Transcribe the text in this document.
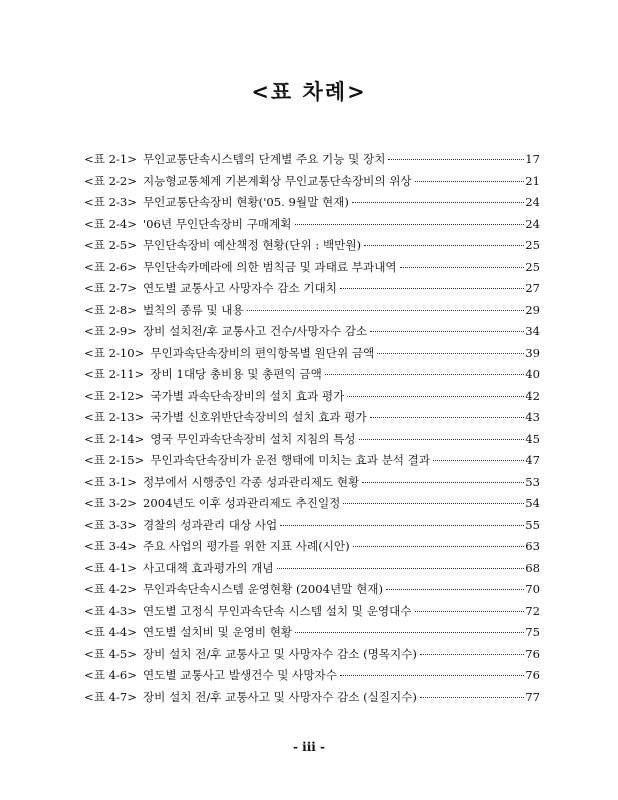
<표 차례>
<표 2-1> 무인교통단속시스템의 단계별 주요 기능 및 장치	17
<표 2-2> 지능형교통체계 기본계획상 무인교통단속장비의 위상	21
<표 2-3> 무인교통단속장비 현황('05. 9월말 현재)	24
<표 2-4> '06년 무인단속장비 구매계획	24
<표 2-5> 무인단속장비 예산책정 현황(단위 : 백만원)	25
<표 2-6> 무인단속카메라에 의한 범칙금 및 과태료 부과내역	25
<표 2-7> 연도별 교통사고 사망자수 감소 기대치	27
<표 2-8> 벌칙의 종류 및 내용	29
<표 2-9> 장비 설치전/후 교통사고 건수/사망자수 감소	34
<표 2-10> 무인과속단속장비의 편익항목별 원단위 금액	39
<표 2-11> 장비 1대당 총비용 및 총편익 금액	40
<표 2-12> 국가별 과속단속장비의 설치 효과 평가	42
<표 2-13> 국가별 신호위반단속장비의 설치 효과 평가	43
<표 2-14> 영국 무인과속단속장비 설치 지침의 특성	45
<표 2-15> 무인과속단속장비가 운전 행태에 미치는 효과 분석 결과	47
<표 3-1> 정부에서 시행중인 각종 성과관리제도 현황	53
<표 3-2> 2004년도 이후 성과관리제도 추진일정	54
<표 3-3> 경찰의 성과관리 대상 사업	55
<표 3-4> 주요 사업의 평가를 위한 지표 사례(시안)	63
<표 4-1> 사고대책 효과평가의 개념	68
<표 4-2> 무인과속단속시스템 운영현황 (2004년말 현재)	70
<표 4-3> 연도별 고정식 무인과속단속 시스템 설치 및 운영대수	72
<표 4-4> 연도별 설치비 및 운영비 현황	75
<표 4-5> 장비 설치 전/후 교통사고 및 사망자수 감소 (명목지수)	76
<표 4-6> 연도별 교통사고 발생건수 및 사망자수	76
<표 4-7> 장비 설치 전/후 교통사고 및 사망자수 감소 (실질지수)	77
- iii -
